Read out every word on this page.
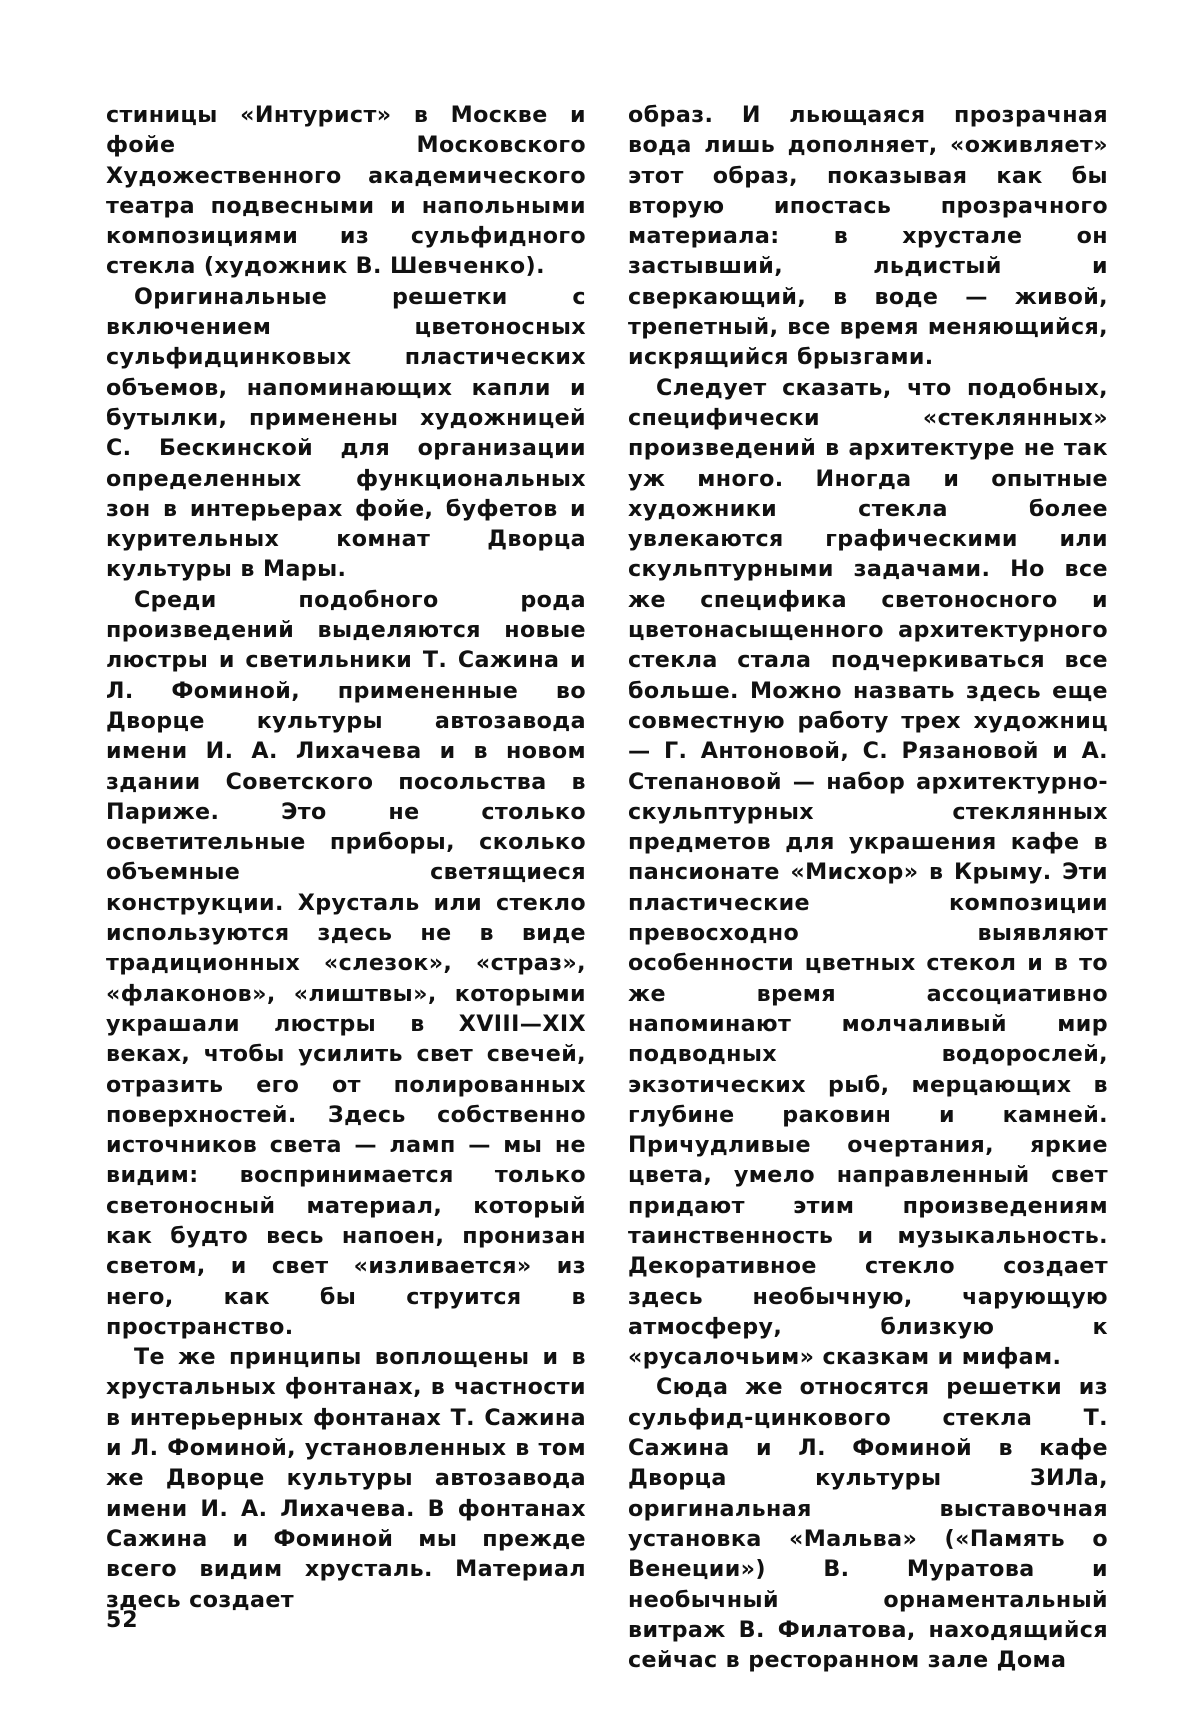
стиницы «Интурист» в Москве и фойе Московского Художественного академического театра подвесными и напольными композициями из сульфидного стекла (художник В. Шевченко).

Оригинальные решетки с включением цветоносных сульфидцинковых пластических объемов, напоминающих капли и бутылки, применены художницей С. Бескинской для организации определенных функциональных зон в интерьерах фойе, буфетов и курительных комнат Дворца культуры в Мары.

Среди подобного рода произведений выделяются новые люстры и светильники Т. Сажина и Л. Фоминой, примененные во Дворце культуры автозавода имени И. А. Лихачева и в новом здании Советского посольства в Париже. Это не столько осветительные приборы, сколько объемные светящиеся конструкции. Хрусталь или стекло используются здесь не в виде традиционных «слезок», «страз», «флаконов», «лиштвы», которыми украшали люстры в XVIII—XIX веках, чтобы усилить свет свечей, отразить его от полированных поверхностей. Здесь собственно источников света — ламп — мы не видим: воспринимается только светоносный материал, который как будто весь напоен, пронизан светом, и свет «изливается» из него, как бы струится в пространство.

Те же принципы воплощены и в хрустальных фонтанах, в частности в интерьерных фонтанах Т. Сажина и Л. Фоминой, установленных в том же Дворце культуры автозавода имени И. А. Лихачева. В фонтанах Сажина и Фоминой мы прежде всего видим хрусталь. Материал здесь создает

образ. И льющаяся прозрачная вода лишь дополняет, «оживляет» этот образ, показывая как бы вторую ипостась прозрачного материала: в хрустале он застывший, льдистый и сверкающий, в воде — живой, трепетный, все время меняющийся, искрящийся брызгами.

Следует сказать, что подобных, специфически «стеклянных» произведений в архитектуре не так уж много. Иногда и опытные художники стекла более увлекаются графическими или скульптурными задачами. Но все же специфика светоносного и цветонасыщенного архитектурного стекла стала подчеркиваться все больше. Можно назвать здесь еще совместную работу трех художниц — Г. Антоновой, С. Рязановой и А. Степановой — набор архитектурно-скульптурных стеклянных предметов для украшения кафе в пансионате «Мисхор» в Крыму. Эти пластические композиции превосходно выявляют особенности цветных стекол и в то же время ассоциативно напоминают молчаливый мир подводных водорослей, экзотических рыб, мерцающих в глубине раковин и камней. Причудливые очертания, яркие цвета, умело направленный свет придают этим произведениям таинственность и музыкальность. Декоративное стекло создает здесь необычную, чарующую атмосферу, близкую к «русалочьим» сказкам и мифам.

Сюда же относятся решетки из сульфид-цинкового стекла Т. Сажина и Л. Фоминой в кафе Дворца культуры ЗИЛа, оригинальная выставочная установка «Мальва» («Память о Венеции») В. Муратова и необычный орнаментальный витраж В. Филатова, находящийся сейчас в ресторанном зале Дома

52
